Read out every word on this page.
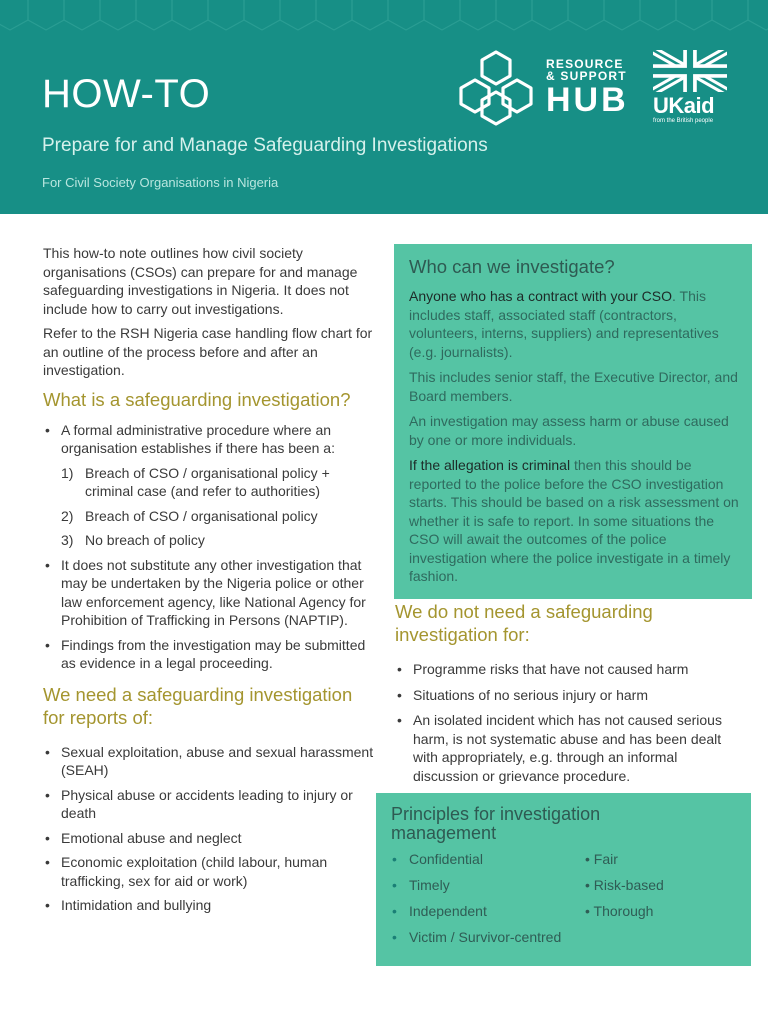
HOW-TO
Prepare for and Manage Safeguarding Investigations

For Civil Society Organisations in Nigeria

RESOURCE
& SUPPORT
HUB	UKaid
from the British people

This how-to note outlines how civil society organisations (CSOs) can prepare for and manage safeguarding investigations in Nigeria. It does not include how to carry out investigations.

Refer to the RSH Nigeria case handling flow chart for an outline of the process before and after an investigation.

What is a safeguarding investigation?
• A formal administrative procedure where an organisation establishes if there has been a:
1) Breach of CSO / organisational policy + criminal case (and refer to authorities)
2) Breach of CSO / organisational policy
3) No breach of policy
• It does not substitute any other investigation that may be undertaken by the Nigeria police or other law enforcement agency, like National Agency for Prohibition of Trafficking in Persons (NAPTIP).
• Findings from the investigation may be submitted as evidence in a legal proceeding.
We need a safeguarding investigation for reports of:
• Sexual exploitation, abuse and sexual harassment (SEAH)
• Physical abuse or accidents leading to injury or death
• Emotional abuse and neglect
• Economic exploitation (child labour, human trafficking, sex for aid or work)
• Intimidation and bullying
Who can we investigate?

Anyone who has a contract with your CSO. This includes staff, associated staff (contractors, volunteers, interns, suppliers) and representatives (e.g. journalists).

This includes senior staff, the Executive Director, and Board members.

An investigation may assess harm or abuse caused by one or more individuals.

If the allegation is criminal then this should be reported to the police before the CSO investigation starts. This should be based on a risk assessment on whether it is safe to report. In some situations the CSO will await the outcomes of the police investigation where the police investigate in a timely fashion.

We do not need a safeguarding investigation for:
• Programme risks that have not caused harm
• Situations of no serious injury or harm
• An isolated incident which has not caused serious harm, is not systematic abuse and has been dealt with appropriately, e.g. through an informal discussion or grievance procedure.
Principles for investigation management
• Confidential
• Timely
• Independent
• Victim / Survivor-centred
• Fair
• Risk-based
• Thorough
